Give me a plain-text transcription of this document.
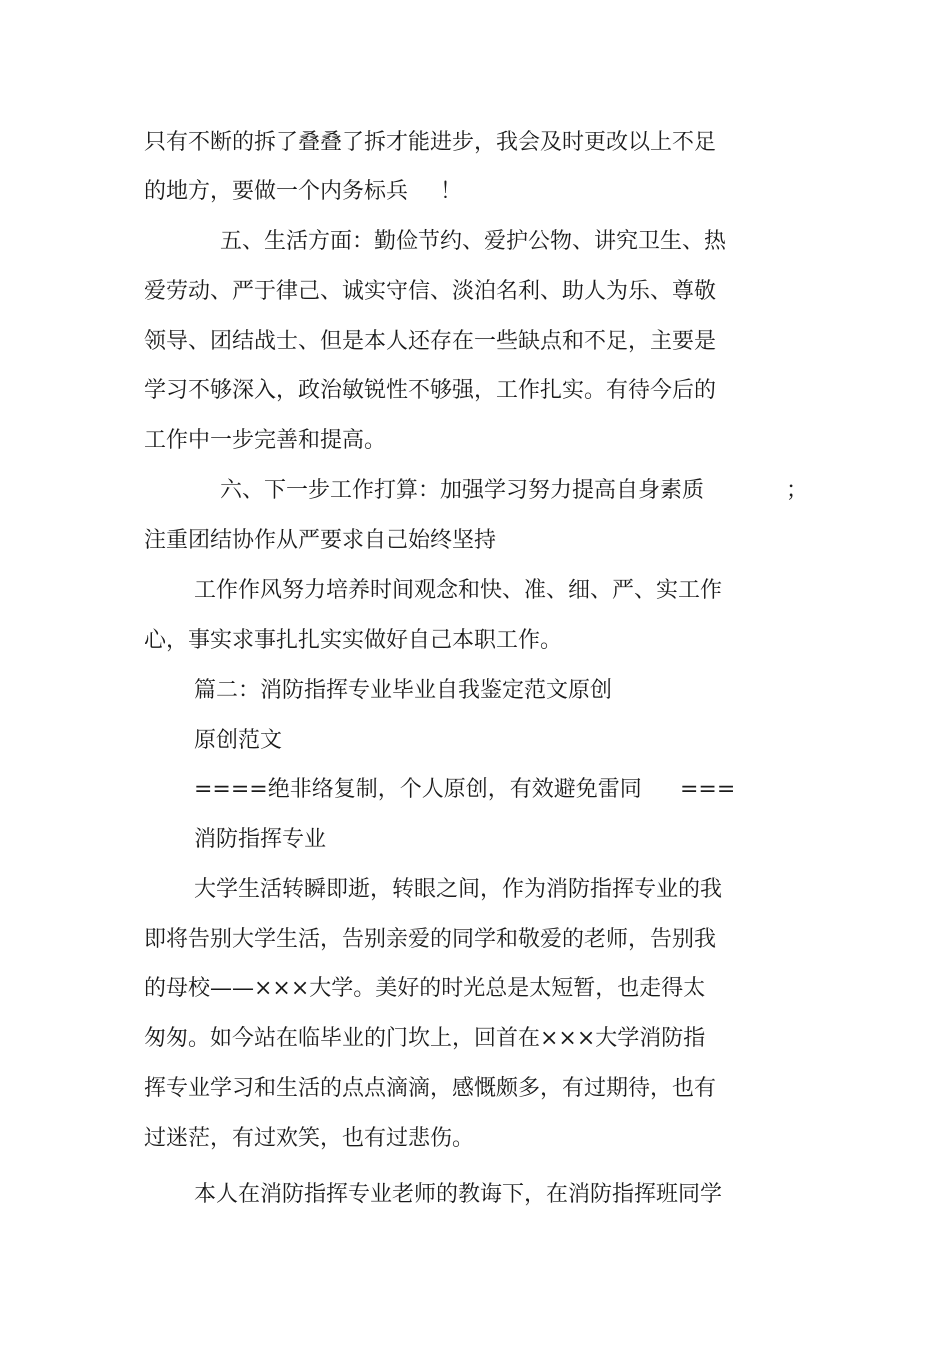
只有不断的拆了叠叠了拆才能进步，我会及时更改以上不足
的地方，要做一个内务标兵 ！
五、生活方面：勤俭节约、爱护公物、讲究卫生、热
爱劳动、严于律己、诚实守信、淡泊名利、助人为乐、尊敬
领导、团结战士、但是本人还存在一些缺点和不足，主要是
学习不够深入，政治敏锐性不够强，工作扎实。有待今后的
工作中一步完善和提高。
六、下一步工作打算：加强学习努力提高自身素质	；
注重团结协作从严要求自己始终坚持
工作作风努力培养时间观念和快、准、细、严、实工作
心，事实求事扎扎实实做好自己本职工作。
篇二：消防指挥专业毕业自我鉴定范文原创
原创范文
====绝非络复制，个人原创，有效避免雷同 ===
消防指挥专业
大学生活转瞬即逝，转眼之间，作为消防指挥专业的我
即将告别大学生活，告别亲爱的同学和敬爱的老师，告别我
的母校——×××大学。美好的时光总是太短暂，也走得太
匆匆。如今站在临毕业的门坎上，回首在×××大学消防指
挥专业学习和生活的点点滴滴，感慨颇多，有过期待，也有
过迷茫，有过欢笑，也有过悲伤。
本人在消防指挥专业老师的教诲下，在消防指挥班同学
